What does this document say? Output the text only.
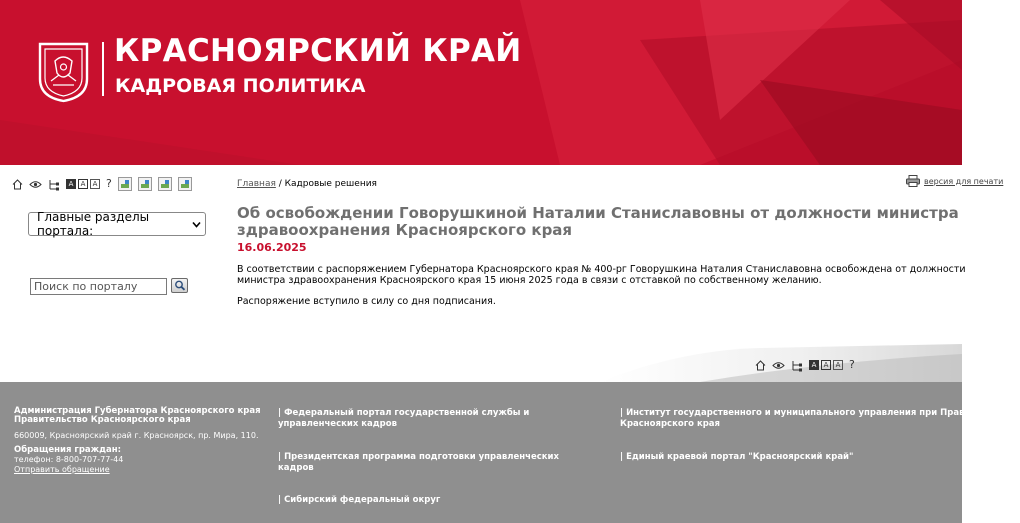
КРАСНОЯРСКИЙ КРАЙ
КАДРОВАЯ ПОЛИТИКА
A	A	A ?
Главные разделы портала:
Поиск по порталу
Главная / Кадровые решения	версия для печати
Об освобождении Говорушкиной Наталии Станиславовны от должности министра здравоохранения Красноярского края
16.06.2025
В соответствии с распоряжением Губернатора Красноярского края № 400-рг Говорушкина Наталия Станиславовна освобождена от должности
министра здравоохранения Красноярского края 15 июня 2025 года в связи с отставкой по собственному желанию.
Распоряжение вступило в силу со дня подписания.
A	A	A ?
Администрация Губернатора Красноярского края
Правительство Красноярского края
660009, Красноярский край г. Красноярск, пр. Мира, 110.
Обращения граждан:
телефон: 8-800-707-77-44
Отправить обращение
| Федеральный портал государственной службы и управленческих кадров
| Президентская программа подготовки управленческих кадров
| Сибирский федеральный округ
| Институт государственного и муниципального управления при Правительстве Красноярского края
| Единый краевой портал "Красноярский край"
